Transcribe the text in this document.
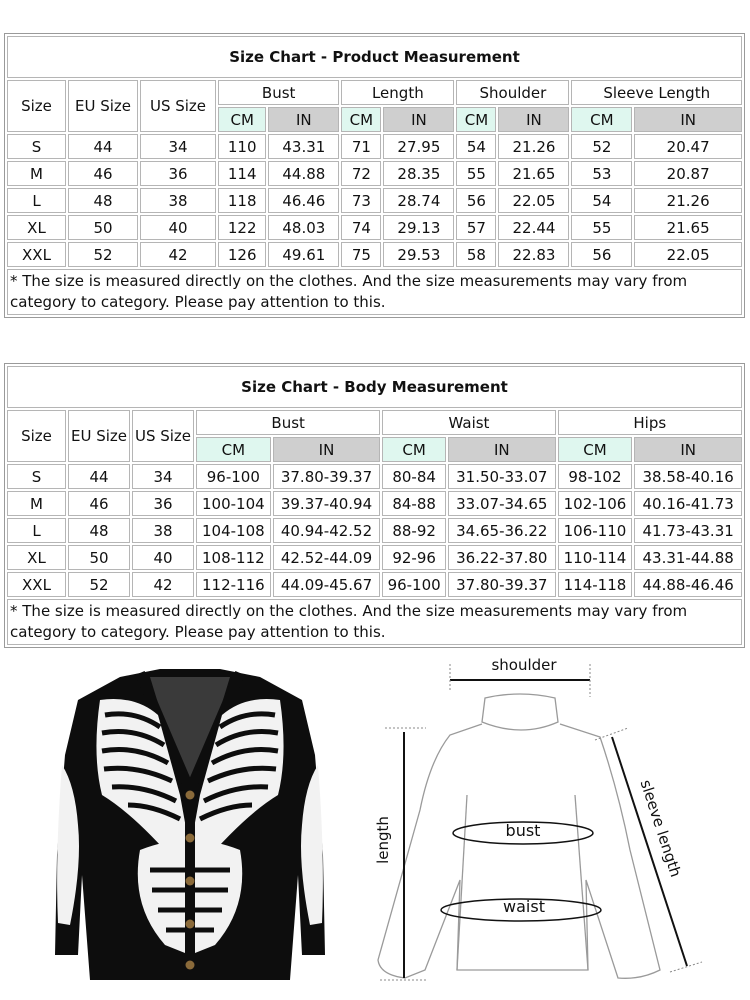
Size Chart - Product Measurement										
Size	EU Size	US Size	Bust		Length		Shoulder		Sleeve Length	
			CM	IN	CM	IN	CM	IN	CM	IN
S	44	34	110	43.31	71	27.95	54	21.26	52	20.47
M	46	36	114	44.88	72	28.35	55	21.65	53	20.87
L	48	38	118	46.46	73	28.74	56	22.05	54	21.26
XL	50	40	122	48.03	74	29.13	57	22.44	55	21.65
XXL	52	42	126	49.61	75	29.53	58	22.83	56	22.05
* The size is measured directly on the clothes. And the size measurements may vary from category to category. Please pay attention to this.										
Size Chart - Body Measurement								
Size	EU Size	US Size	Bust		Waist		Hips	
			CM	IN	CM	IN	CM	IN
S	44	34	96-100	37.80-39.37	80-84	31.50-33.07	98-102	38.58-40.16
M	46	36	100-104	39.37-40.94	84-88	33.07-34.65	102-106	40.16-41.73
L	48	38	104-108	40.94-42.52	88-92	34.65-36.22	106-110	41.73-43.31
XL	50	40	108-112	42.52-44.09	92-96	36.22-37.80	110-114	43.31-44.88
XXL	52	42	112-116	44.09-45.67	96-100	37.80-39.37	114-118	44.88-46.46
* The size is measured directly on the clothes. And the size measurements may vary from category to category. Please pay attention to this.								
shoulder
length	bust
waist
sleeve length
